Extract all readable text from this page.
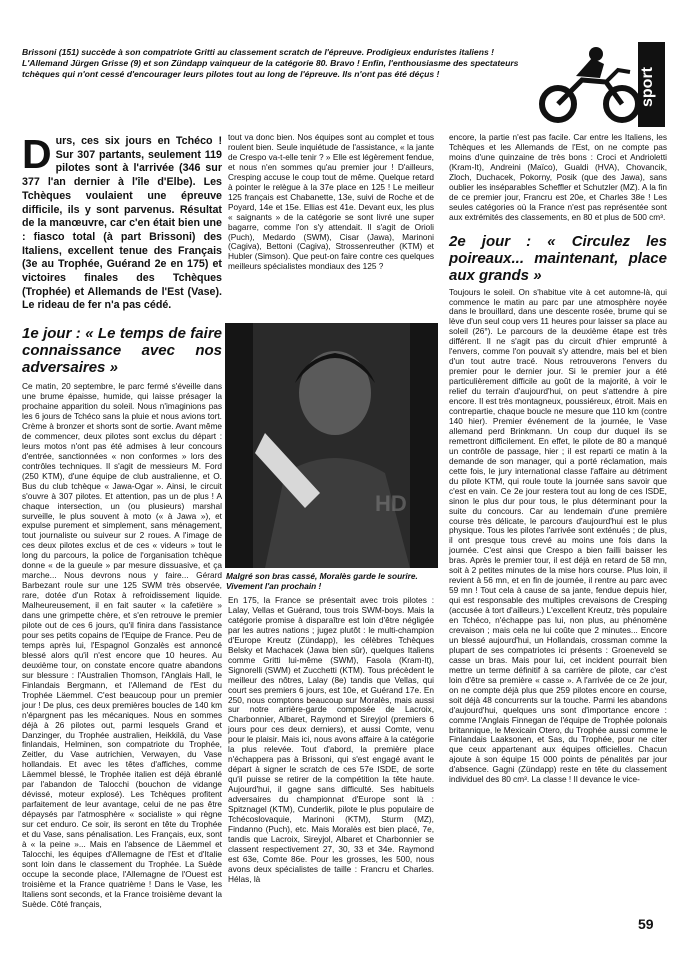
Brissoni (151) succède à son compatriote Gritti au classement scratch de l'épreuve. Prodigieux enduristes italiens ! L'Allemand Jürgen Grisse (9) et son Zündapp vainqueur de la catégorie 80. Bravo ! Enfin, l'enthousiasme des spectateurs tchèques qui n'ont cessé d'encourager leurs pilotes tout au long de l'épreuve. Ils n'ont pas été déçus !	sport

Durs, ces six jours en Tchéco ! Sur 307 partants, seulement 119 pilotes sont à l'arrivée (346 sur 377 l'an dernier à l'île d'Elbe). Les Tchèques voulaient une épreuve difficile, ils y sont parvenus. Résultat de la manœuvre, car c'en était bien une : fiasco total (à part Brissoni) des Italiens, excellent tenue des Français (3e au Trophée, Guérand 2e en 175) et victoires finales des Tchèques (Trophée) et Allemands de l'Est (Vase). Le rideau de fer n'a pas cédé.

1e jour : « Le temps de faire connaissance avec nos adversaires »

Ce matin, 20 septembre, le parc fermé s'éveille dans une brume épaisse, humide, qui laisse présager la prochaine apparition du soleil. Nous n'imaginions pas les 6 jours de Tchéco sans la pluie et nous avions tort. Crème à bronzer et shorts sont de sortie. Avant même de commencer, deux pilotes sont exclus du départ : leurs motos n'ont pas été admises à leur concours d'entrée, sanctionnées « non conformes » lors des contrôles techniques. Il s'agit de messieurs M. Ford (250 KTM), d'une équipe de club australienne, et O. Bus du club tchèque « Jawa-Ogar ». Ainsi, le circuit s'ouvre à 307 pilotes. Et attention, pas un de plus ! A chaque intersection, un (ou plusieurs) marshal surveille, le plus souvent à moto (« à Jawa »), et expulse purement et simplement, sans ménagement, tout journaliste ou suiveur sur 2 roues. A l'image de ces deux pilotes exclus et de ces « videurs » tout le long du parcours, la police de l'organisation tchèque donne « de la gueule » par mesure dissuasive, et ça marche... Nous devrons nous y faire... Gérard Barbezant roule sur une 125 SWM très observée, rare, dotée d'un Rotax à refroidissement liquide. Malheureusement, il en fait sauter « la cafetière » dans une grimpette chère, et s'en retrouve le premier pilote out de ces 6 jours, qu'il finira dans l'assistance pour ses petits copains de l'Equipe de France. Peu de temps après lui, l'Espagnol Gonzalès est annoncé blessé alors qu'il n'est encore que 10 heures. Au deuxième tour, on constate encore quatre abandons sur blessure : l'Australien Thomson, l'Anglais Hall, le Finlandais Bergmann, et l'Allemand de l'Est du Trophée Läemmel. C'est beaucoup pour un premier jour ! De plus, ces deux premières boucles de 140 km n'épargnent pas les mécaniques. Nous en sommes déjà à 26 pilotes out, parmi lesquels Grand et Danzinger, du Trophée australien, Heikkilä, du Vase finlandais, Helminen, son compatriote du Trophée, Zeitler, du Vase autrichien, Verwayen, du Vase hollandais. Et avec les têtes d'affiches, comme Läemmel blessé, le Trophée italien est déjà ébranlé par l'abandon de Talocchi (bouchon de vidange dévissé, moteur explosé). Les Tchèques profitent parfaitement de leur avantage, celui de ne pas être dépaysés par l'atmosphère « socialiste » qui règne sur cet enduro. Ce soir, ils seront en tête du Trophée et du Vase, sans pénalisation. Les Français, eux, sont à « la peine »... Mais en l'absence de Läemmel et Talocchi, les équipes d'Allemagne de l'Est et d'Italie sont loin dans le classement du Trophée. La Suède occupe la seconde place, l'Allemagne de l'Ouest est troisième et la France quatrième ! Dans le Vase, les Italiens sont seconds, et la France troisième devant la Suède. Côté français,

tout va donc bien. Nos équipes sont au complet et tous roulent bien. Seule inquiétude de l'assistance, « la jante de Crespo va-t-elle tenir ? » Elle est légèrement fendue, et nous n'en sommes qu'au premier jour ! D'ailleurs, Cresping accuse le coup tout de même. Quelque retard à pointer le relègue à la 37e place en 125 ! Le meilleur 125 français est Chabanette, 13e, suivi de Roche et de Poyard, 14e et 15e. Ellias est 41e. Devant eux, les plus « saignants » de la catégorie se sont livré une super bagarre, comme l'on s'y attendait. Il s'agit de Orioli (Puch), Medardo (SWM), Cisar (Jawa), Marinoni (Cagiva), Bettoni (Cagiva), Strossenreuther (KTM) et Hubler (Simson). Que peut-on faire contre ces quelques meilleurs spécialistes mondiaux des 125 ?

HD
Malgré son bras cassé, Moralès garde le sourire. Vivement l'an prochain !

En 175, la France se présentait avec trois pilotes : Lalay, Vellas et Guérand, tous trois SWM-boys. Mais la catégorie promise à disparaître est loin d'être négligée par les autres nations ; jugez plutôt : le multi-champion d'Europe Kreutz (Zündapp), les célèbres Tchèques Belsky et Machacek (Jawa bien sûr), quelques Italiens comme Gritti lui-même (SWM), Fasola (Kram-It), Signorelli (SWM) et Zucchetti (KTM). Tous précèdent le meilleur des nôtres, Lalay (8e) tandis que Vellas, qui court ses premiers 6 jours, est 10e, et Guérand 17e. En 250, nous comptons beaucoup sur Moralès, mais aussi sur notre arrière-garde composée de Lacroix, Charbonnier, Albaret, Raymond et Sireyjol (premiers 6 jours pour ces deux derniers), et aussi Comte, venu pour le plaisir. Mais ici, nous avons affaire à la catégorie la plus relevée. Tout d'abord, la première place n'échappera pas à Brissoni, qui s'est engagé avant le départ à signer le scratch de ces 57e ISDE, de sorte qu'il puisse se retirer de la compétition la tête haute. Aujourd'hui, il gagne sans difficulté. Ses habituels adversaires du championnat d'Europe sont là : Spitznagel (KTM), Cunderlik, pilote le plus populaire de Tchécoslovaquie, Marinoni (KTM), Sturm (MZ), Findanno (Puch), etc. Mais Moralès est bien placé, 7e, tandis que Lacroix, Sireyjol, Albaret et Charbonnier se classent respectivement 27, 30, 33 et 34e. Raymond est 63e, Comte 86e. Pour les grosses, les 500, nous avons deux spécialistes de taille : Francru et Charles. Hélas, là

encore, la partie n'est pas facile. Car entre les Italiens, les Tchèques et les Allemands de l'Est, on ne compte pas moins d'une quinzaine de très bons : Croci et Andrioletti (Kram-It), Andreini (Maïco), Gualdi (HVA), Chovancik, Zloch, Duchacek, Pokorny, Posik (que des Jawa), sans oublier les inséparables Scheffler et Schutzler (MZ). A la fin de ce premier jour, Francru est 20e, et Charles 38e ! Les seules catégories où la France n'est pas représentée sont aux extrémités des classements, en 80 et plus de 500 cm³.

2e jour : « Circulez les poireaux... maintenant, place aux grands »

Toujours le soleil. On s'habitue vite à cet automne-là, qui commence le matin au parc par une atmosphère noyée dans le brouillard, dans une descente rosée, brume qui se lève d'un seul coup vers 11 heures pour laisser sa place au soleil (26°). Le parcours de la deuxième étape est très différent. Il ne s'agit pas du circuit d'hier emprunté à l'envers, comme l'on pouvait s'y attendre, mais bel et bien d'un tout autre tracé. Nous retrouverons l'envers du premier pour le dernier jour. Si le premier jour a été particulièrement difficile au goût de la majorité, à voir le relief du terrain d'aujourd'hui, on peut s'attendre à pire encore. Il est très montagneux, poussiéreux, étroit. Mais en contrepartie, chaque boucle ne mesure que 110 km (contre 140 hier). Premier événement de la journée, le Vase allemand perd Brinkmann. Un coup dur duquel ils se remettront difficilement. En effet, le pilote de 80 a manqué un contrôle de passage, hier ; il est reparti ce matin à la demande de son manager, qui a porté réclamation, mais cette fois, le jury international classe l'affaire au détriment du pilote KTM, qui roule toute la journée sans savoir que c'est en vain. Ce 2e jour restera tout au long de ces ISDE, sinon le plus dur pour tous, le plus déterminant pour la suite du concours. Car au lendemain d'une première course très délicate, le parcours d'aujourd'hui est le plus physique. Tous les pilotes l'arrivée sont exténués ; de plus, il ont presque tous crevé au moins une fois dans la journée. C'est ainsi que Crespo a bien failli baisser les bras. Après le premier tour, il est déjà en retard de 58 mn, soit à 2 petites minutes de la mise hors course. Plus loin, il revient à 56 mn, et en fin de journée, il rentre au parc avec 59 mn ! Tout cela à cause de sa jante, fendue depuis hier, qui est responsable des multiples crevaisons de Cresping (accusée à tort d'ailleurs.) L'excellent Kreutz, très populaire en Tchéco, n'échappe pas lui, non plus, au phénomène crevaison ; mais cela ne lui coûte que 2 minutes... Encore un blessé aujourd'hui, un Hollandais, crossman comme la plupart de ses compatriotes ici présents : Groeneveld se casse un bras. Mais pour lui, cet incident pourrait bien mettre un terme définitif à sa carrière de pilote, car c'est loin d'être sa première « casse ». A l'arrivée de ce 2e jour, on ne compte déjà plus que 259 pilotes encore en course, soit déjà 48 concurrents sur la touche. Parmi les abandons d'aujourd'hui, quelques uns sont d'importance encore : comme l'Anglais Finnegan de l'équipe de Trophée polonais britannique, le Mexicain Otero, du Trophée aussi comme le Finlandais Laaksonen, et Sas, du Trophée, pour ne citer que ceux appartenant aux équipes officielles. Chacun ajoute à son équipe 15 000 points de pénalités par jour d'absence. Gagni (Zündapp) reste en tête du classement individuel des 80 cm³. La classe ! Il devance le vice-

59
